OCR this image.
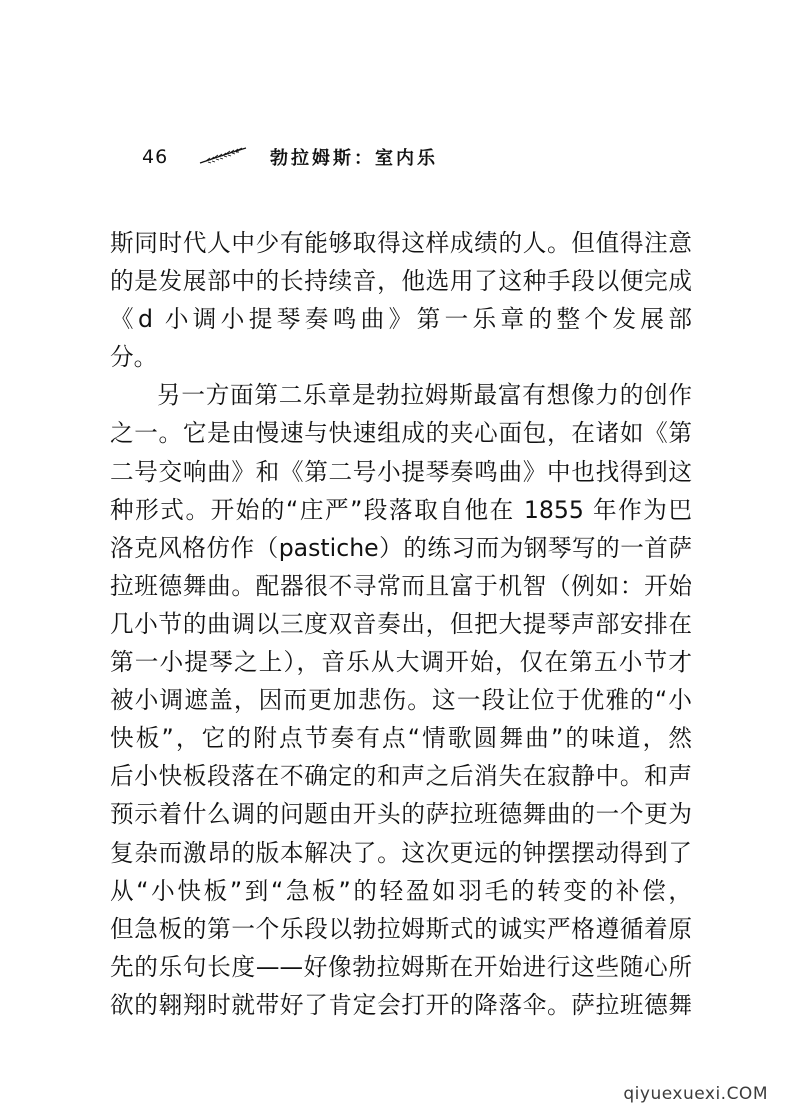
46	勃拉姆斯：室内乐
斯同时代人中少有能够取得这样成绩的人。但值得注意
的是发展部中的长持续音，他选用了这种手段以便完成
《d 小调小提琴奏鸣曲》第一乐章的整个发展部
分。
另一方面第二乐章是勃拉姆斯最富有想像力的创作
之一。它是由慢速与快速组成的夹心面包，在诸如《第
二号交响曲》和《第二号小提琴奏鸣曲》中也找得到这
种形式。开始的“庄严”段落取自他在 1855 年作为巴
洛克风格仿作（pastiche）的练习而为钢琴写的一首萨
拉班德舞曲。配器很不寻常而且富于机智（例如：开始
几小节的曲调以三度双音奏出，但把大提琴声部安排在
第一小提琴之上），音乐从大调开始，仅在第五小节才
被小调遮盖，因而更加悲伤。这一段让位于优雅的“小
快板”，它的附点节奏有点“情歌圆舞曲”的味道，然
后小快板段落在不确定的和声之后消失在寂静中。和声
预示着什么调的问题由开头的萨拉班德舞曲的一个更为
复杂而激昂的版本解决了。这次更远的钟摆摆动得到了
从“小快板”到“急板”的轻盈如羽毛的转变的补偿，
但急板的第一个乐段以勃拉姆斯式的诚实严格遵循着原
先的乐句长度——好像勃拉姆斯在开始进行这些随心所
欲的翱翔时就带好了肯定会打开的降落伞。萨拉班德舞
qiyuexuexi.COM
